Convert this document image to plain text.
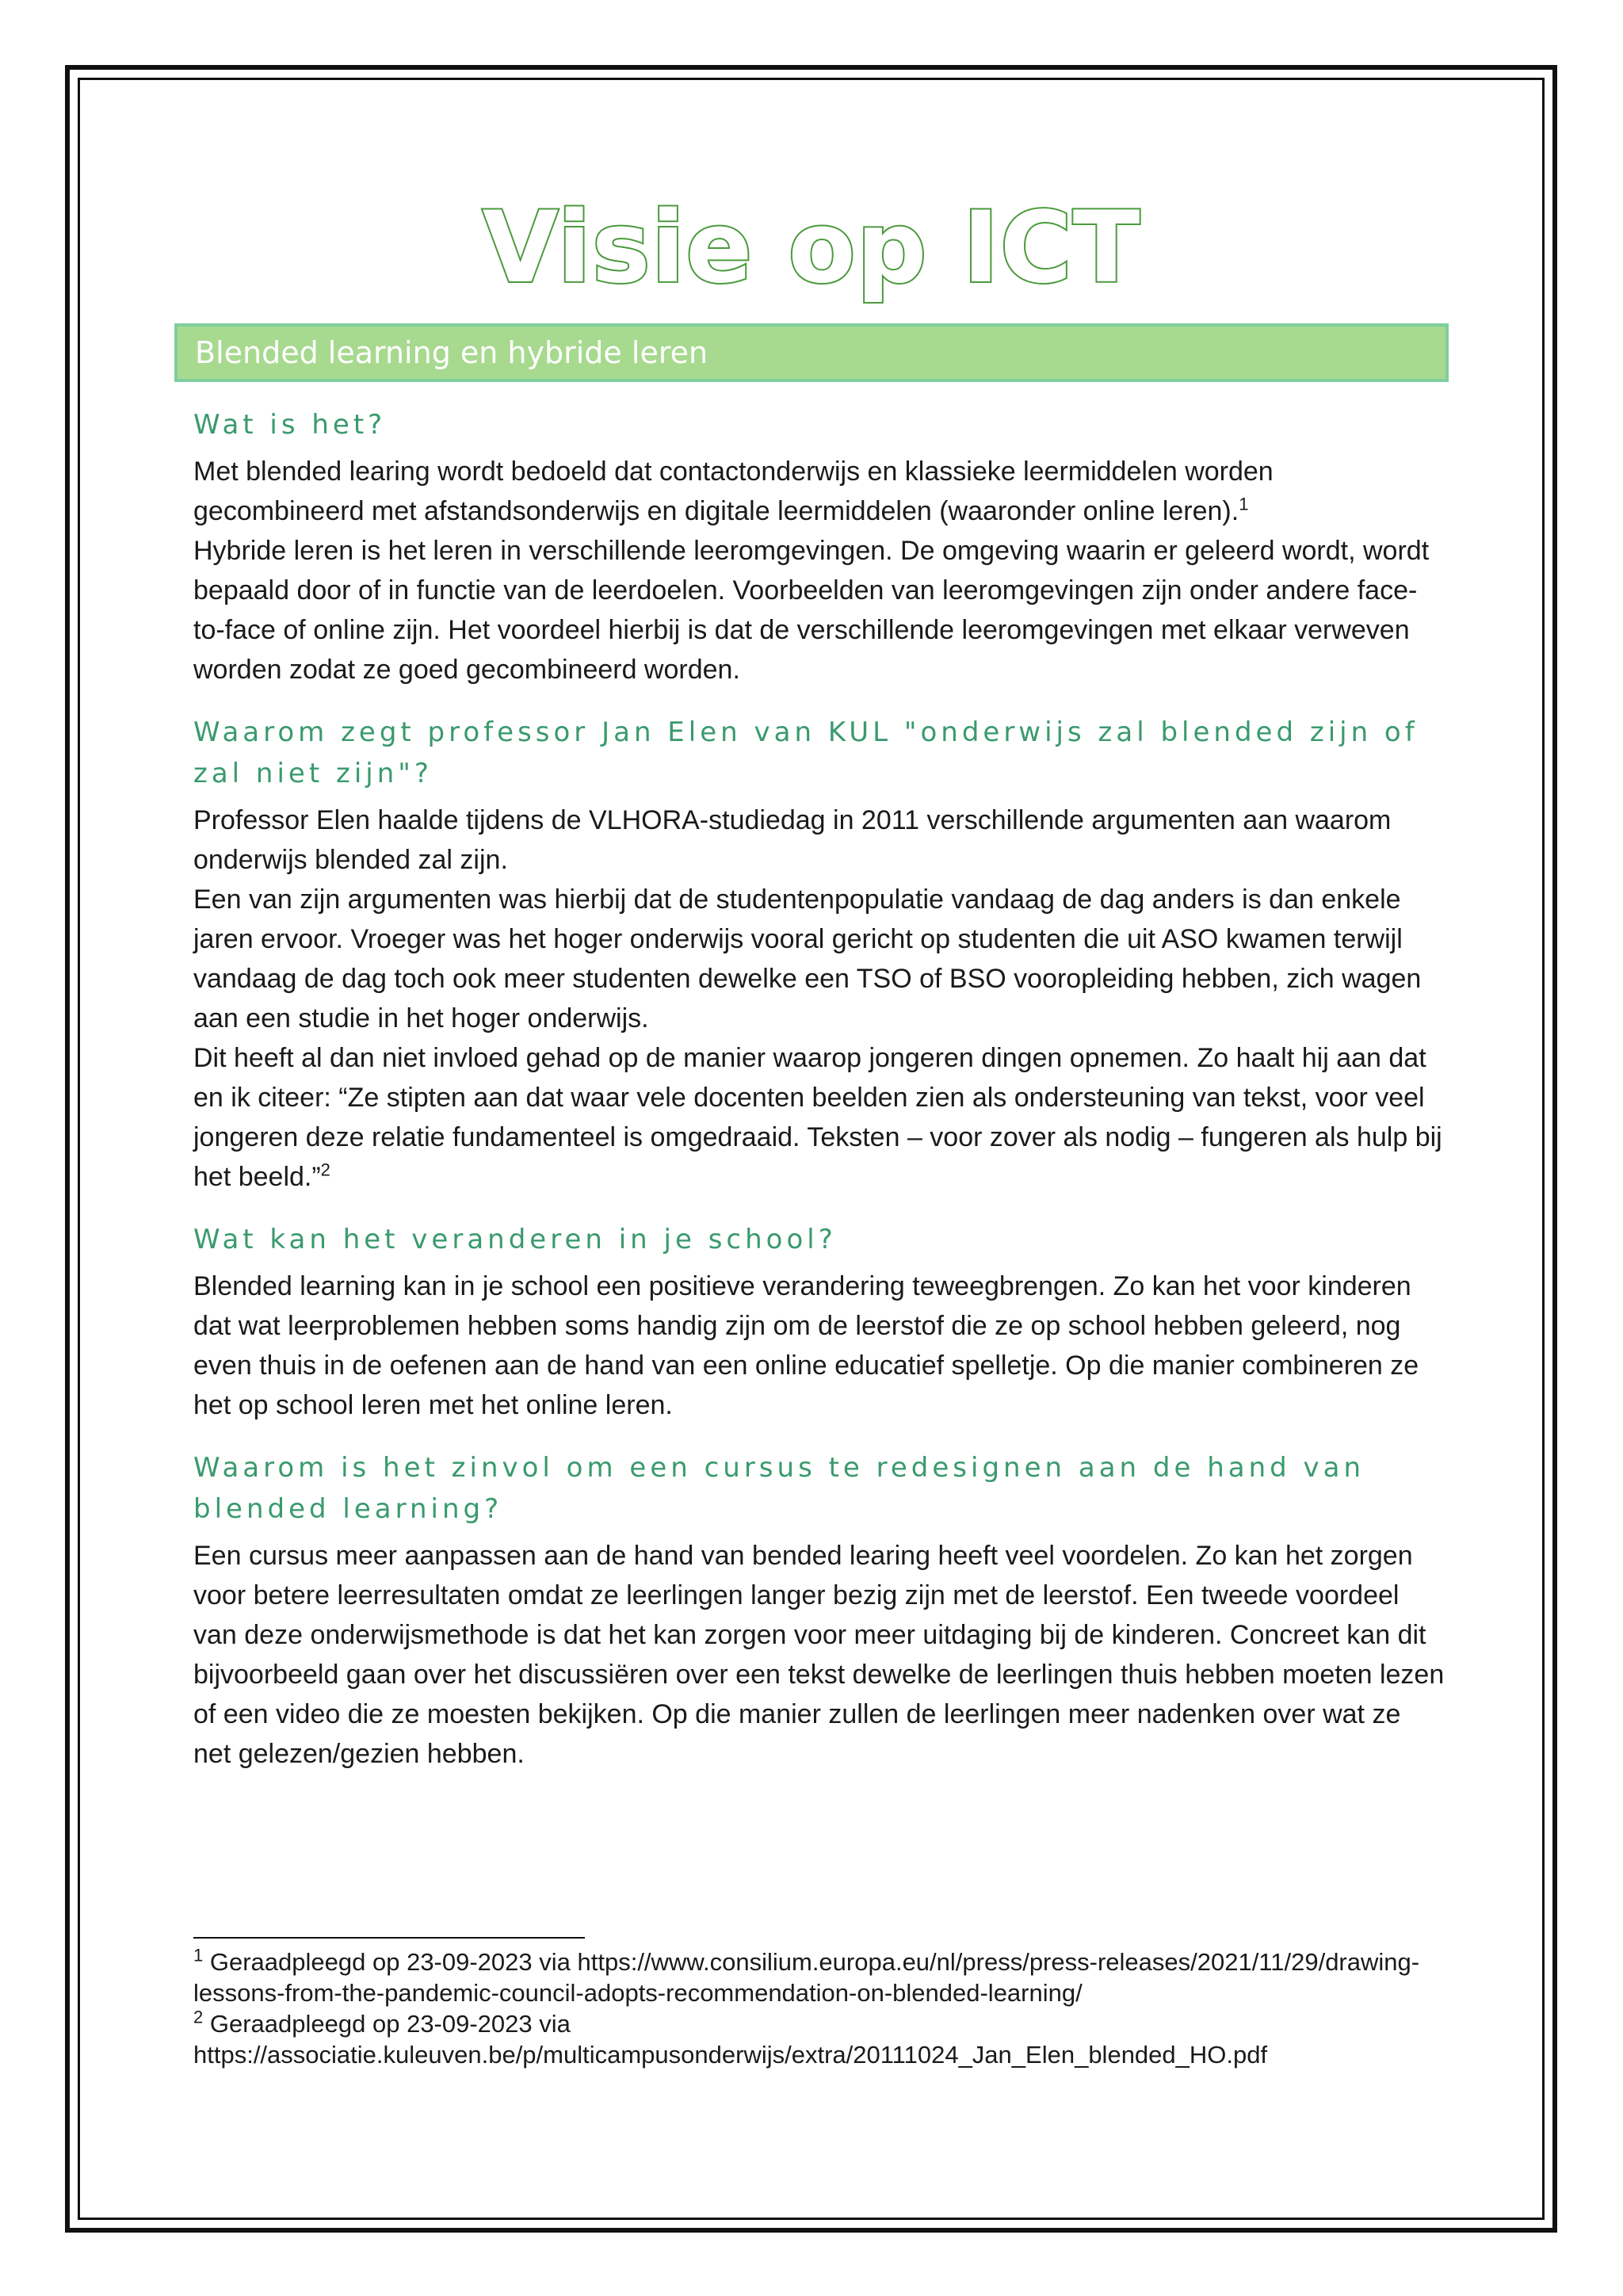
Visie op ICT
Blended learning en hybride leren
Wat is het?

Met blended learing wordt bedoeld dat contactonderwijs en klassieke leermiddelen worden gecombineerd met afstandsonderwijs en digitale leermiddelen (waaronder online leren).$^1$

Hybride leren is het leren in verschillende leeromgevingen. De omgeving waarin er geleerd wordt, wordt bepaald door of in functie van de leerdoelen. Voorbeelden van leeromgevingen zijn onder andere face-to-face of online zijn. Het voordeel hierbij is dat de verschillende leeromgevingen met elkaar verweven worden zodat ze goed gecombineerd worden.

Waarom zegt professor Jan Elen van KUL "onderwijs zal blended zijn of zal niet zijn"?

Professor Elen haalde tijdens de VLHORA-studiedag in 2011 verschillende argumenten aan waarom onderwijs blended zal zijn.

Een van zijn argumenten was hierbij dat de studentenpopulatie vandaag de dag anders is dan enkele jaren ervoor. Vroeger was het hoger onderwijs vooral gericht op studenten die uit ASO kwamen terwijl vandaag de dag toch ook meer studenten dewelke een TSO of BSO vooropleiding hebben, zich wagen aan een studie in het hoger onderwijs.

Dit heeft al dan niet invloed gehad op de manier waarop jongeren dingen opnemen. Zo haalt hij aan dat en ik citeer: “Ze stipten aan dat waar vele docenten beelden zien als ondersteuning van tekst, voor veel jongeren deze relatie fundamenteel is omgedraaid. Teksten – voor zover als nodig – fungeren als hulp bij het beeld.”$^2$

Wat kan het veranderen in je school?

Blended learning kan in je school een positieve verandering teweegbrengen. Zo kan het voor kinderen dat wat leerproblemen hebben soms handig zijn om de leerstof die ze op school hebben geleerd, nog even thuis in de oefenen aan de hand van een online educatief spelletje. Op die manier combineren ze het op school leren met het online leren.

Waarom is het zinvol om een cursus te redesignen aan de hand van blended learning?

Een cursus meer aanpassen aan de hand van bended learing heeft veel voordelen. Zo kan het zorgen voor betere leerresultaten omdat ze leerlingen langer bezig zijn met de leerstof. Een tweede voordeel van deze onderwijsmethode is dat het kan zorgen voor meer uitdaging bij de kinderen. Concreet kan dit bijvoorbeeld gaan over het discussiëren over een tekst dewelke de leerlingen thuis hebben moeten lezen of een video die ze moesten bekijken. Op die manier zullen de leerlingen meer nadenken over wat ze net gelezen/gezien hebben.

$^1$ Geraadpleegd op 23-09-2023 via https://www.consilium.europa.eu/nl/press/press-releases/2021/11/29/drawing-lessons-from-the-pandemic-council-adopts-recommendation-on-blended-learning/

$^2$ Geraadpleegd op 23-09-2023 via https://associatie.kuleuven.be/p/multicampusonderwijs/extra/20111024_Jan_Elen_blended_HO.pdf
